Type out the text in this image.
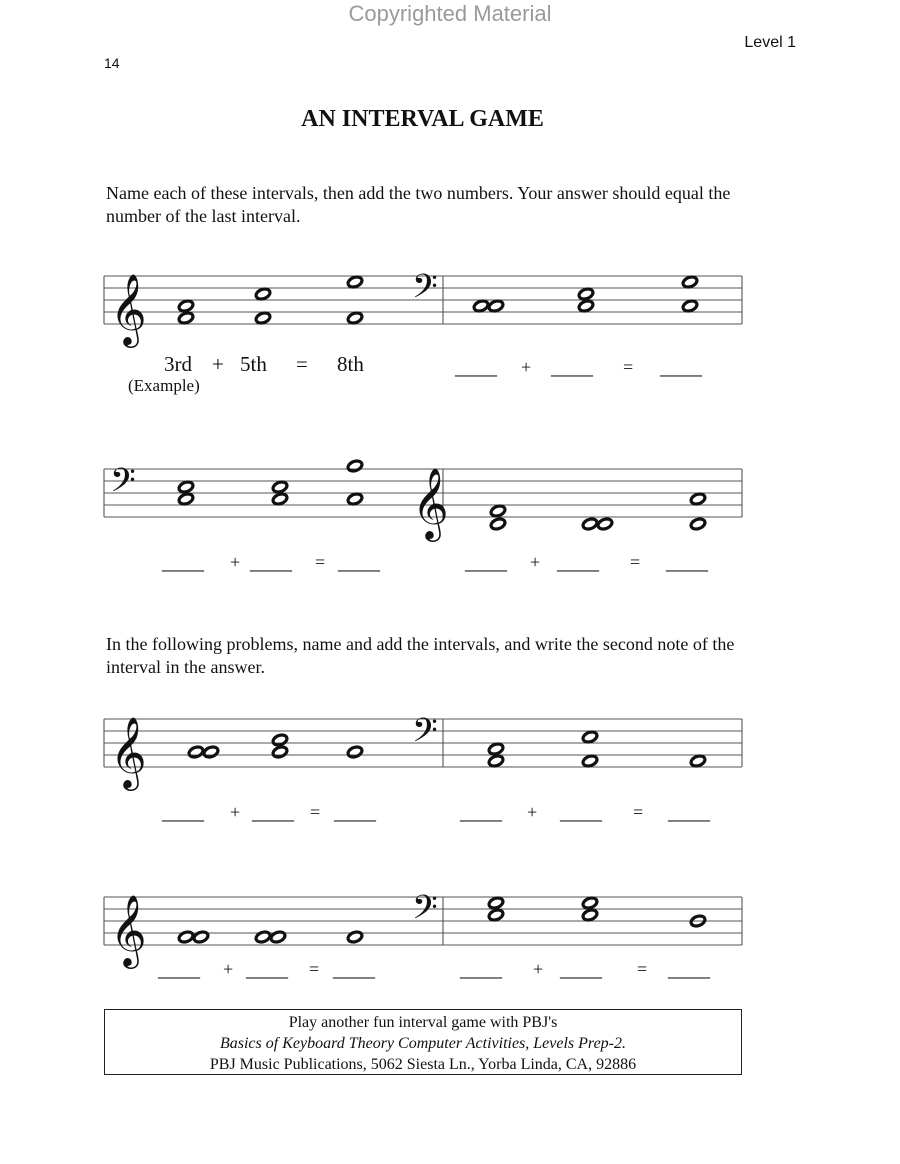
Copyrighted Material
Level 1
14
AN INTERVAL GAME
Name each of these intervals, then add the two numbers. Your answer should equal the number of the last interval.
In the following problems, name and add the intervals, and write the second note of the interval in the answer.
𝄞	𝄢
𝄢	𝄞
𝄞	𝄢
𝄞	𝄢
3rd + 5th = 8th
(Example)
____ + ____ = ____
____ + ____ = ____	____ + ____ = ____
____ + ____ = ____	____ + ____ = ____
____ + ____ = ____	____ + ____ = ____
Play another fun interval game with PBJ's
Basics of Keyboard Theory Computer Activities, Levels Prep-2.
PBJ Music Publications, 5062 Siesta Ln., Yorba Linda, CA, 92886
